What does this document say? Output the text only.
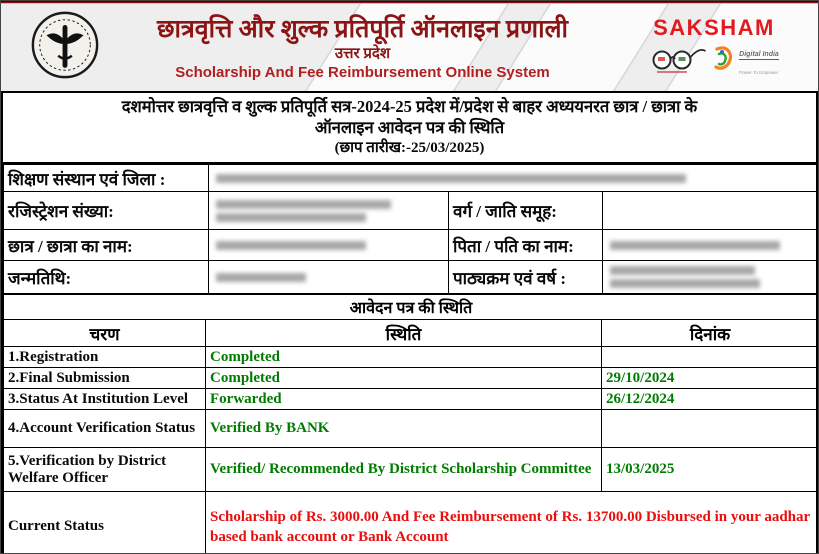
छात्रवृत्ति और शुल्क प्रतिपूर्ति ऑनलाइन प्रणाली
उत्तर प्रदेश
Scholarship And Fee Reimbursement Online System
SAKSHAM
Digital India
Power To Empower
दशमोत्तर छात्रवृत्ति व शुल्क प्रतिपूर्ति सत्र-2024-25 प्रदेश में/प्रदेश से बाहर अध्ययनरत छात्र / छात्रा के
ऑनलाइन आवेदन पत्र की स्थिति
(छाप तारीख:-25/03/2025)
शिक्षण संस्थान एवं जिला :			

रजिस्ट्रेशन संख्या:		वर्ग / जाति समूह:	
छात्र / छात्रा का नाम:		पिता / पति का नाम:	

जन्मतिथि:		पाठ्यक्रम एवं वर्ष :	
आवेदन पत्र की स्थिति		
चरण	स्थिति	दिनांक
1.Registration	Completed	
2.Final Submission	Completed	29/10/2024
3.Status At Institution Level	Forwarded	26/12/2024
4.Account Verification Status	Verified By BANK	
5.Verification by District Welfare Officer	Verified/ Recommended By District Scholarship Committee	13/03/2025
Current Status	Scholarship of Rs. 3000.00 And Fee Reimbursement of Rs. 13700.00 Disbursed in your aadhar based bank account or Bank Account	
